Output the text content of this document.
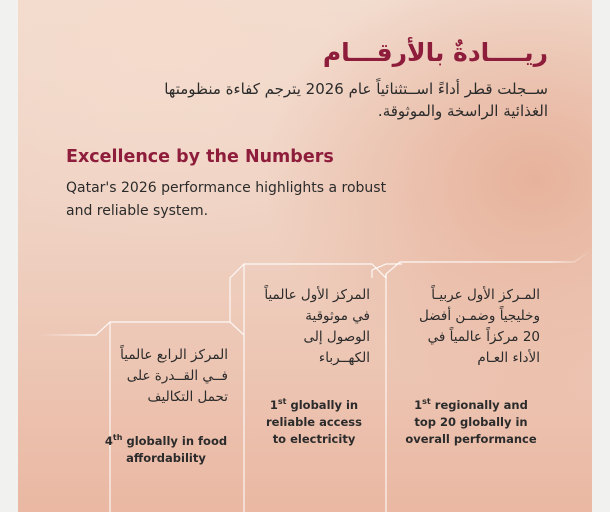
ريــــادةٌ بالأرقـــام

ســجلت قطر أداءً اســتثنائياً عام 2026 يترجم كفاءة منظومتها الغذائية الراسخة والموثوقة.

Excellence by the Numbers

Qatar's 2026 performance highlights a robust and reliable system.

المركز الرابع عالمياً فــي القــدرة على تحمل التكاليف

4th globally in food affordability

المركز الأول عالمياً في موثوقية الوصول إلى الكهــرباء

1st globally in reliable access to electricity

المـركز الأول عربيـاً وخليجياً وضمـن أفضل 20 مركزاً عالمياً في الأداء العـام

1st regionally and top 20 globally in overall performance
